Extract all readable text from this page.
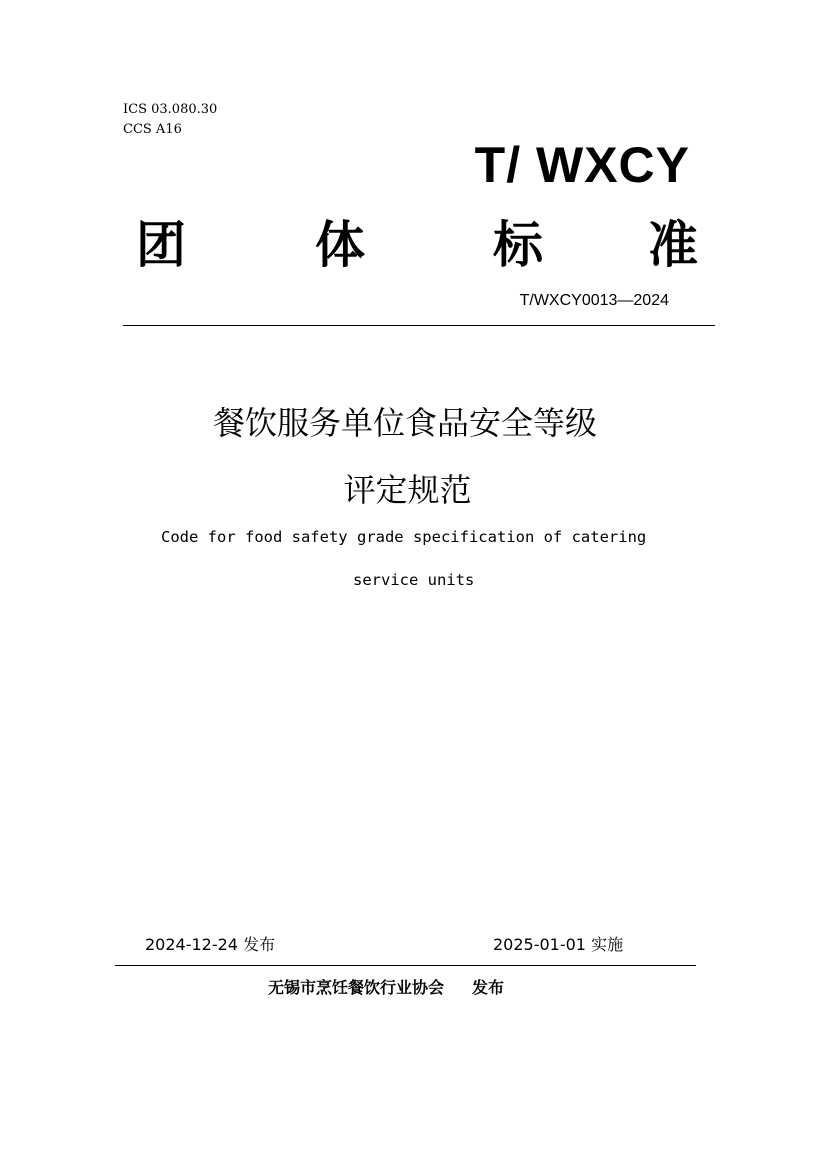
ICS 03.080.30
CCS A16
T/ WXCY
团	体	标 准
T/WXCY0013—2024
餐饮服务单位食品安全等级
评定规范
Code for food safety grade specification of catering
service units
2024-12-24 发布	2025-01-01 实施
无锡市烹饪餐饮行业协会 发布
